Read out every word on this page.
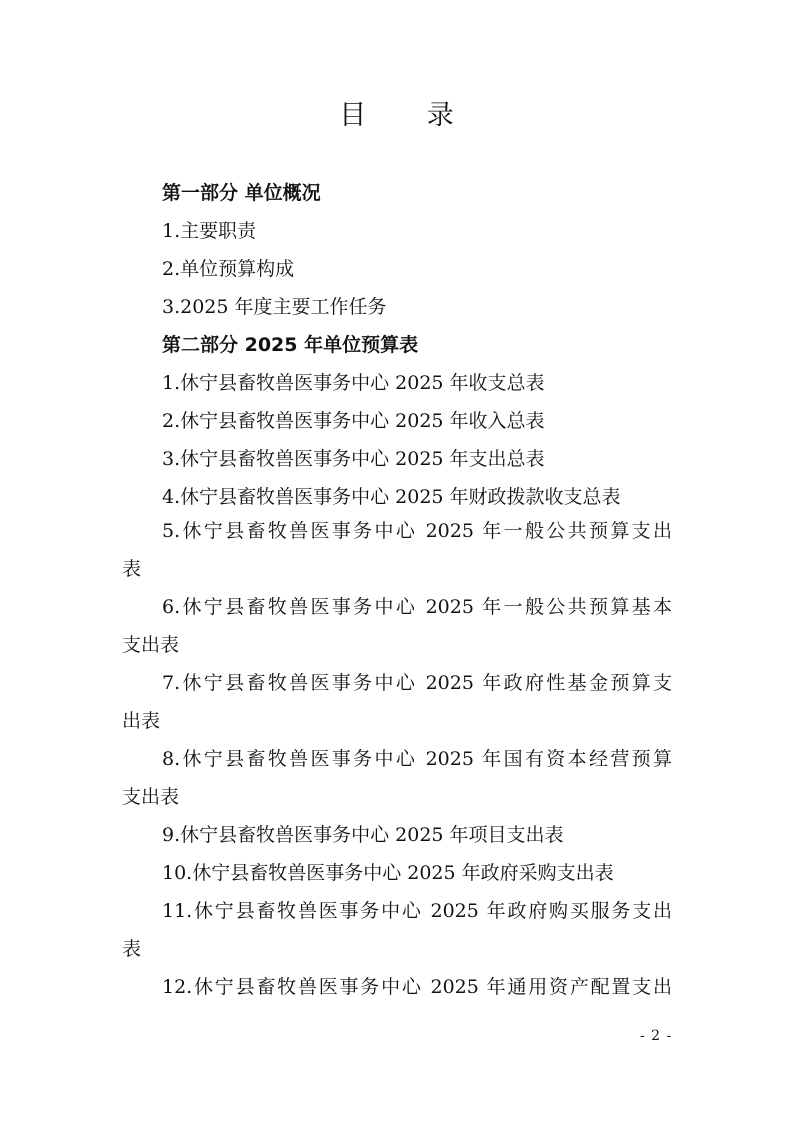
目 录
第一部分 单位概况
1.主要职责
2.单位预算构成
3.2025 年度主要工作任务
第二部分 2025 年单位预算表
1.休宁县畜牧兽医事务中心 2025 年收支总表
2.休宁县畜牧兽医事务中心 2025 年收入总表
3.休宁县畜牧兽医事务中心 2025 年支出总表
4.休宁县畜牧兽医事务中心 2025 年财政拨款收支总表
5.休宁县畜牧兽医事务中心 2025 年一般公共预算支出
表
6.休宁县畜牧兽医事务中心 2025 年一般公共预算基本
支出表
7.休宁县畜牧兽医事务中心 2025 年政府性基金预算支
出表
8.休宁县畜牧兽医事务中心 2025 年国有资本经营预算
支出表
9.休宁县畜牧兽医事务中心 2025 年项目支出表
10.休宁县畜牧兽医事务中心 2025 年政府采购支出表
11.休宁县畜牧兽医事务中心 2025 年政府购买服务支出
表
12.休宁县畜牧兽医事务中心 2025 年通用资产配置支出
- 2 -
